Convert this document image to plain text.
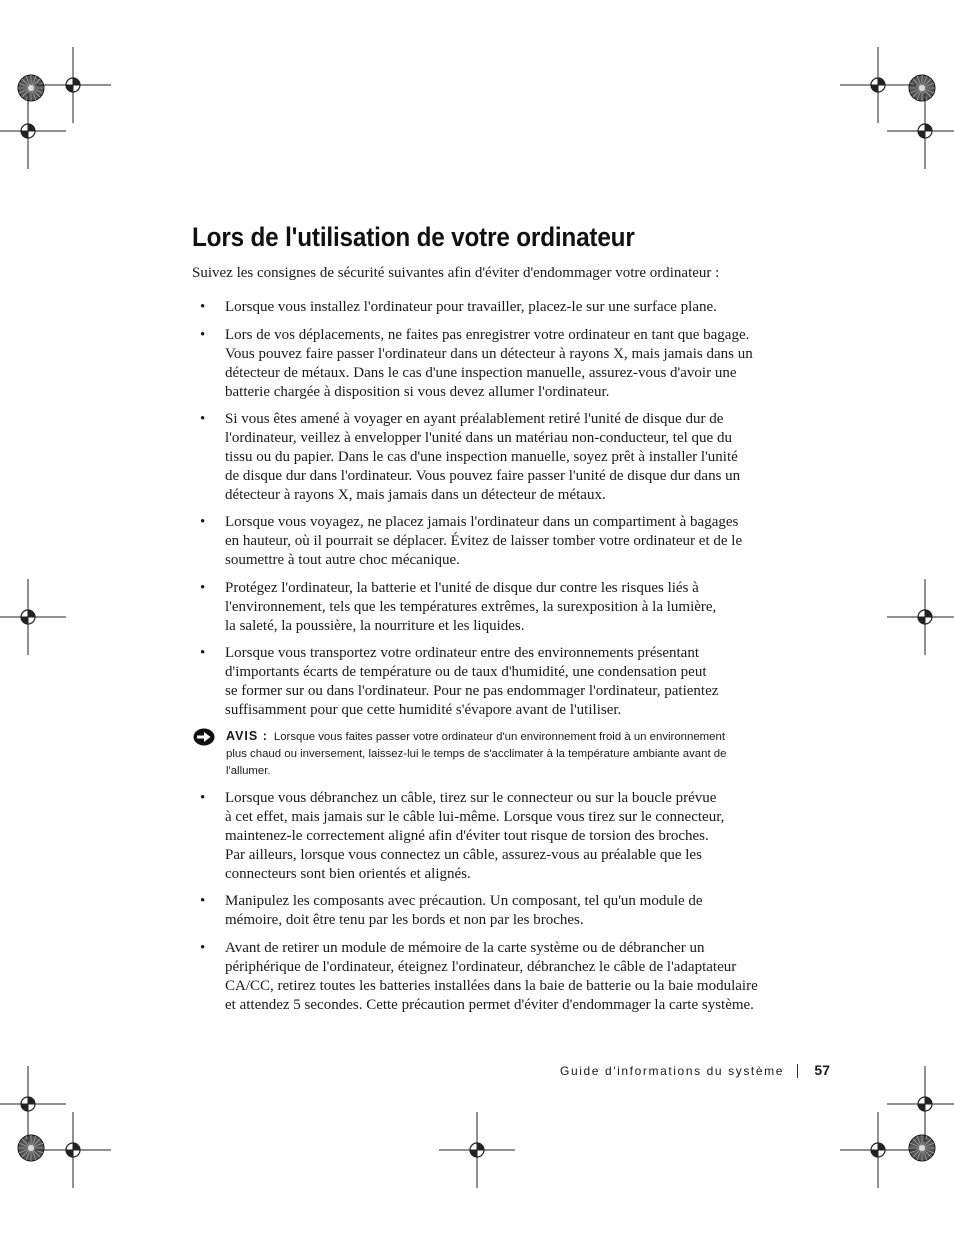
Lors de l'utilisation de votre ordinateur

Suivez les consignes de sécurité suivantes afin d'éviter d'endommager votre ordinateur :

• Lorsque vous installez l'ordinateur pour travailler, placez-le sur une surface plane.

• Lors de vos déplacements, ne faites pas enregistrer votre ordinateur en tant que bagage.
Vous pouvez faire passer l'ordinateur dans un détecteur à rayons X, mais jamais dans un
détecteur de métaux. Dans le cas d'une inspection manuelle, assurez-vous d'avoir une
batterie chargée à disposition si vous devez allumer l'ordinateur.

• Si vous êtes amené à voyager en ayant préalablement retiré l'unité de disque dur de
l'ordinateur, veillez à envelopper l'unité dans un matériau non-conducteur, tel que du
tissu ou du papier. Dans le cas d'une inspection manuelle, soyez prêt à installer l'unité
de disque dur dans l'ordinateur. Vous pouvez faire passer l'unité de disque dur dans un
détecteur à rayons X, mais jamais dans un détecteur de métaux.

• Lorsque vous voyagez, ne placez jamais l'ordinateur dans un compartiment à bagages
en hauteur, où il pourrait se déplacer. Évitez de laisser tomber votre ordinateur et de le
soumettre à tout autre choc mécanique.

• Protégez l'ordinateur, la batterie et l'unité de disque dur contre les risques liés à
l'environnement, tels que les températures extrêmes, la surexposition à la lumière,
la saleté, la poussière, la nourriture et les liquides.

• Lorsque vous transportez votre ordinateur entre des environnements présentant
d'importants écarts de température ou de taux d'humidité, une condensation peut
se former sur ou dans l'ordinateur. Pour ne pas endommager l'ordinateur, patientez
suffisamment pour que cette humidité s'évapore avant de l'utiliser.

• Lorsque vous débranchez un câble, tirez sur le connecteur ou sur la boucle prévue
à cet effet, mais jamais sur le câble lui-même. Lorsque vous tirez sur le connecteur,
maintenez-le correctement aligné afin d'éviter tout risque de torsion des broches.
Par ailleurs, lorsque vous connectez un câble, assurez-vous au préalable que les
connecteurs sont bien orientés et alignés.

• Manipulez les composants avec précaution. Un composant, tel qu'un module de
mémoire, doit être tenu par les bords et non par les broches.

• Avant de retirer un module de mémoire de la carte système ou de débrancher un
périphérique de l'ordinateur, éteignez l'ordinateur, débranchez le câble de l'adaptateur
CA/CC, retirez toutes les batteries installées dans la baie de batterie ou la baie modulaire
et attendez 5 secondes. Cette précaution permet d'éviter d'endommager la carte système.

AVIS : Lorsque vous faites passer votre ordinateur d'un environnement froid à un environnement
plus chaud ou inversement, laissez-lui le temps de s'acclimater à la température ambiante avant de
l'allumer.
Guide d'informations du système 57
